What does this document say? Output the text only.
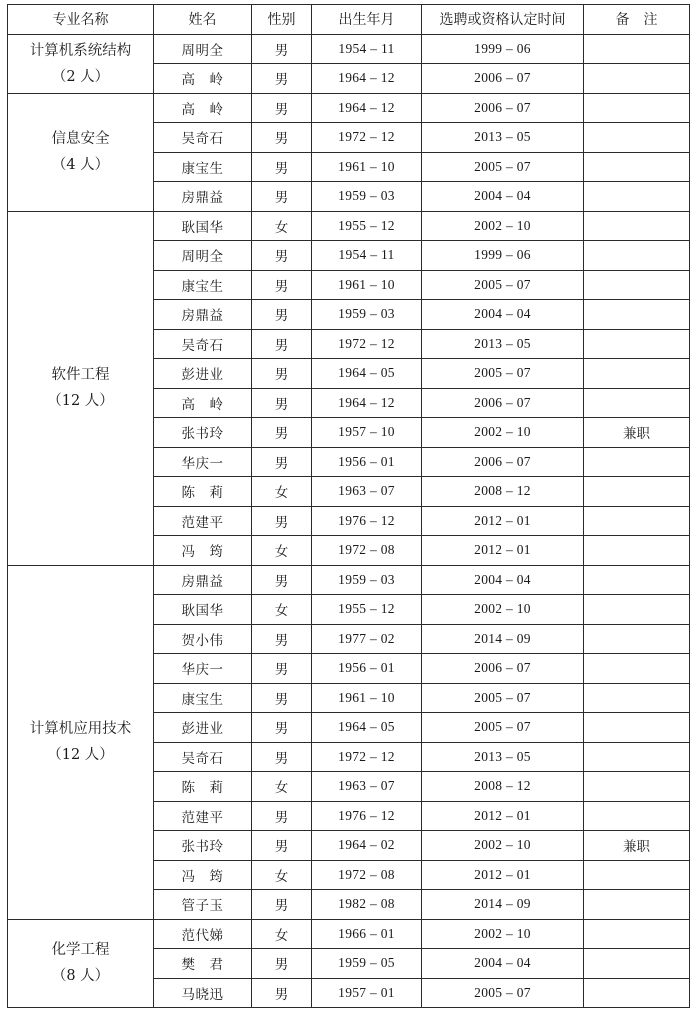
专业名称	姓名	性别	出生年月	选聘或资格认定时间	备　注

计算机系统结构
（2 人）	周明全	男	1954 – 11	1999 – 06	
	高　岭	男	1964 – 12	2006 – 07	

信息安全
（4 人）	高　岭	男	1964 – 12	2006 – 07	
	吴奇石	男	1972 – 12	2013 – 05	
	康宝生	男	1961 – 10	2005 – 07	
	房鼎益	男	1959 – 03	2004 – 04	

软件工程
（12 人）	耿国华	女	1955 – 12	2002 – 10	
	周明全	男	1954 – 11	1999 – 06	
	康宝生	男	1961 – 10	2005 – 07	
	房鼎益	男	1959 – 03	2004 – 04	
	吴奇石	男	1972 – 12	2013 – 05	
	彭进业	男	1964 – 05	2005 – 07	
	高　岭	男	1964 – 12	2006 – 07	
	张书玲	男	1957 – 10	2002 – 10	兼职
	华庆一	男	1956 – 01	2006 – 07	
	陈　莉	女	1963 – 07	2008 – 12	
	范建平	男	1976 – 12	2012 – 01	
	冯　筠	女	1972 – 08	2012 – 01	

计算机应用技术
（12 人）	房鼎益	男	1959 – 03	2004 – 04	
	耿国华	女	1955 – 12	2002 – 10	
	贺小伟	男	1977 – 02	2014 – 09	
	华庆一	男	1956 – 01	2006 – 07	
	康宝生	男	1961 – 10	2005 – 07	
	彭进业	男	1964 – 05	2005 – 07	
	吴奇石	男	1972 – 12	2013 – 05	
	陈　莉	女	1963 – 07	2008 – 12	
	范建平	男	1976 – 12	2012 – 01	
	张书玲	男	1964 – 02	2002 – 10	兼职
	冯　筠	女	1972 – 08	2012 – 01	
	管子玉	男	1982 – 08	2014 – 09	

化学工程
（8 人）	范代娣	女	1966 – 01	2002 – 10	
	樊　君	男	1959 – 05	2004 – 04	
	马晓迅	男	1957 – 01	2005 – 07	
